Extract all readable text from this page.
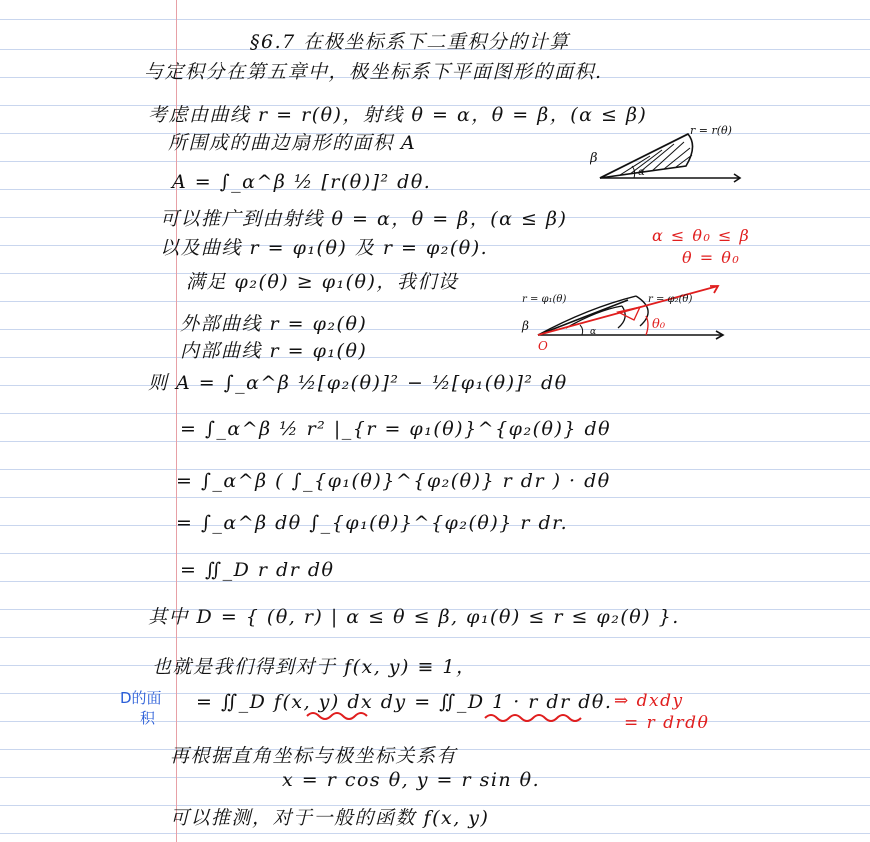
§6.7 在极坐标系下二重积分的计算
与定积分在第五章中，极坐标系下平面图形的面积.
考虑由曲线 r = r(θ)，射线 θ = α，θ = β，(α ≤ β)
所围成的曲边扇形的面积 A
A = ∫_α^β ½ [r(θ)]² dθ.
可以推广到由射线 θ = α，θ = β，(α ≤ β)
以及曲线 r = φ₁(θ) 及 r = φ₂(θ).
满足 φ₂(θ) ≥ φ₁(θ)，我们设
外部曲线 r = φ₂(θ)
内部曲线 r = φ₁(θ)
则 A = ∫_α^β ½[φ₂(θ)]² − ½[φ₁(θ)]² dθ
= ∫_α^β ½ r² |_{r = φ₁(θ)}^{φ₂(θ)} dθ
= ∫_α^β ( ∫_{φ₁(θ)}^{φ₂(θ)} r dr ) · dθ
= ∫_α^β dθ ∫_{φ₁(θ)}^{φ₂(θ)} r dr.
= ∬_D r dr dθ
其中 D = { (θ, r) | α ≤ θ ≤ β, φ₁(θ) ≤ r ≤ φ₂(θ) }.
也就是我们得到对于 f(x, y) ≡ 1，
= ∬_D f(x, y) dx dy = ∬_D 1 · r dr dθ.
再根据直角坐标与极坐标关系有
x = r cos θ, y = r sin θ.
可以推测，对于一般的函数 f(x, y)
D的面
积
⇒ dxdy
= r drdθ
α ≤ θ₀ ≤ β
θ = θ₀
r = r(θ)
β
α
r = φ₁(θ)	r = φ₂(θ)
β	α
O
θ₀
